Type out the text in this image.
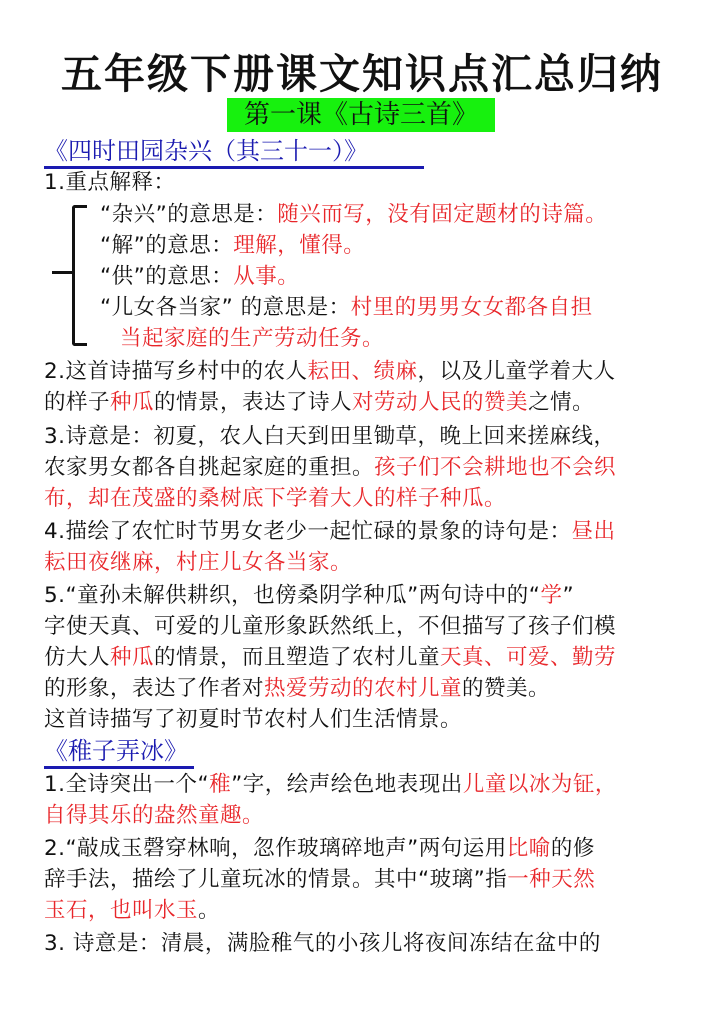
五年级下册课文知识点汇总归纳
第一课《古诗三首》
《四时田园杂兴（其三十一）》
1.重点解释：
“杂兴”的意思是：随兴而写，没有固定题材的诗篇。
“解”的意思：理解，懂得。
“供”的意思：从事。
“儿女各当家” 的意思是：村里的男男女女都各自担
当起家庭的生产劳动任务。
2.这首诗描写乡村中的农人耘田、绩麻，以及儿童学着大人
的样子种瓜的情景，表达了诗人对劳动人民的赞美之情。
3.诗意是：初夏，农人白天到田里锄草，晚上回来搓麻线，
农家男女都各自挑起家庭的重担。孩子们不会耕地也不会织
布，却在茂盛的桑树底下学着大人的样子种瓜。
4.描绘了农忙时节男女老少一起忙碌的景象的诗句是：昼出
耘田夜继麻，村庄儿女各当家。
5.“童孙未解供耕织，也傍桑阴学种瓜”两句诗中的“学”
字使天真、可爱的儿童形象跃然纸上，不但描写了孩子们模
仿大人种瓜的情景，而且塑造了农村儿童天真、可爱、勤劳
的形象，表达了作者对热爱劳动的农村儿童的赞美。
这首诗描写了初夏时节农村人们生活情景。
《稚子弄冰》
1.全诗突出一个“稚”字，绘声绘色地表现出儿童以冰为钲，
自得其乐的盎然童趣。
2.“敲成玉磬穿林响，忽作玻璃碎地声”两句运用比喻的修
辞手法，描绘了儿童玩冰的情景。其中“玻璃”指一种天然
玉石，也叫水玉。
3. 诗意是：清晨，满脸稚气的小孩儿将夜间冻结在盆中的
